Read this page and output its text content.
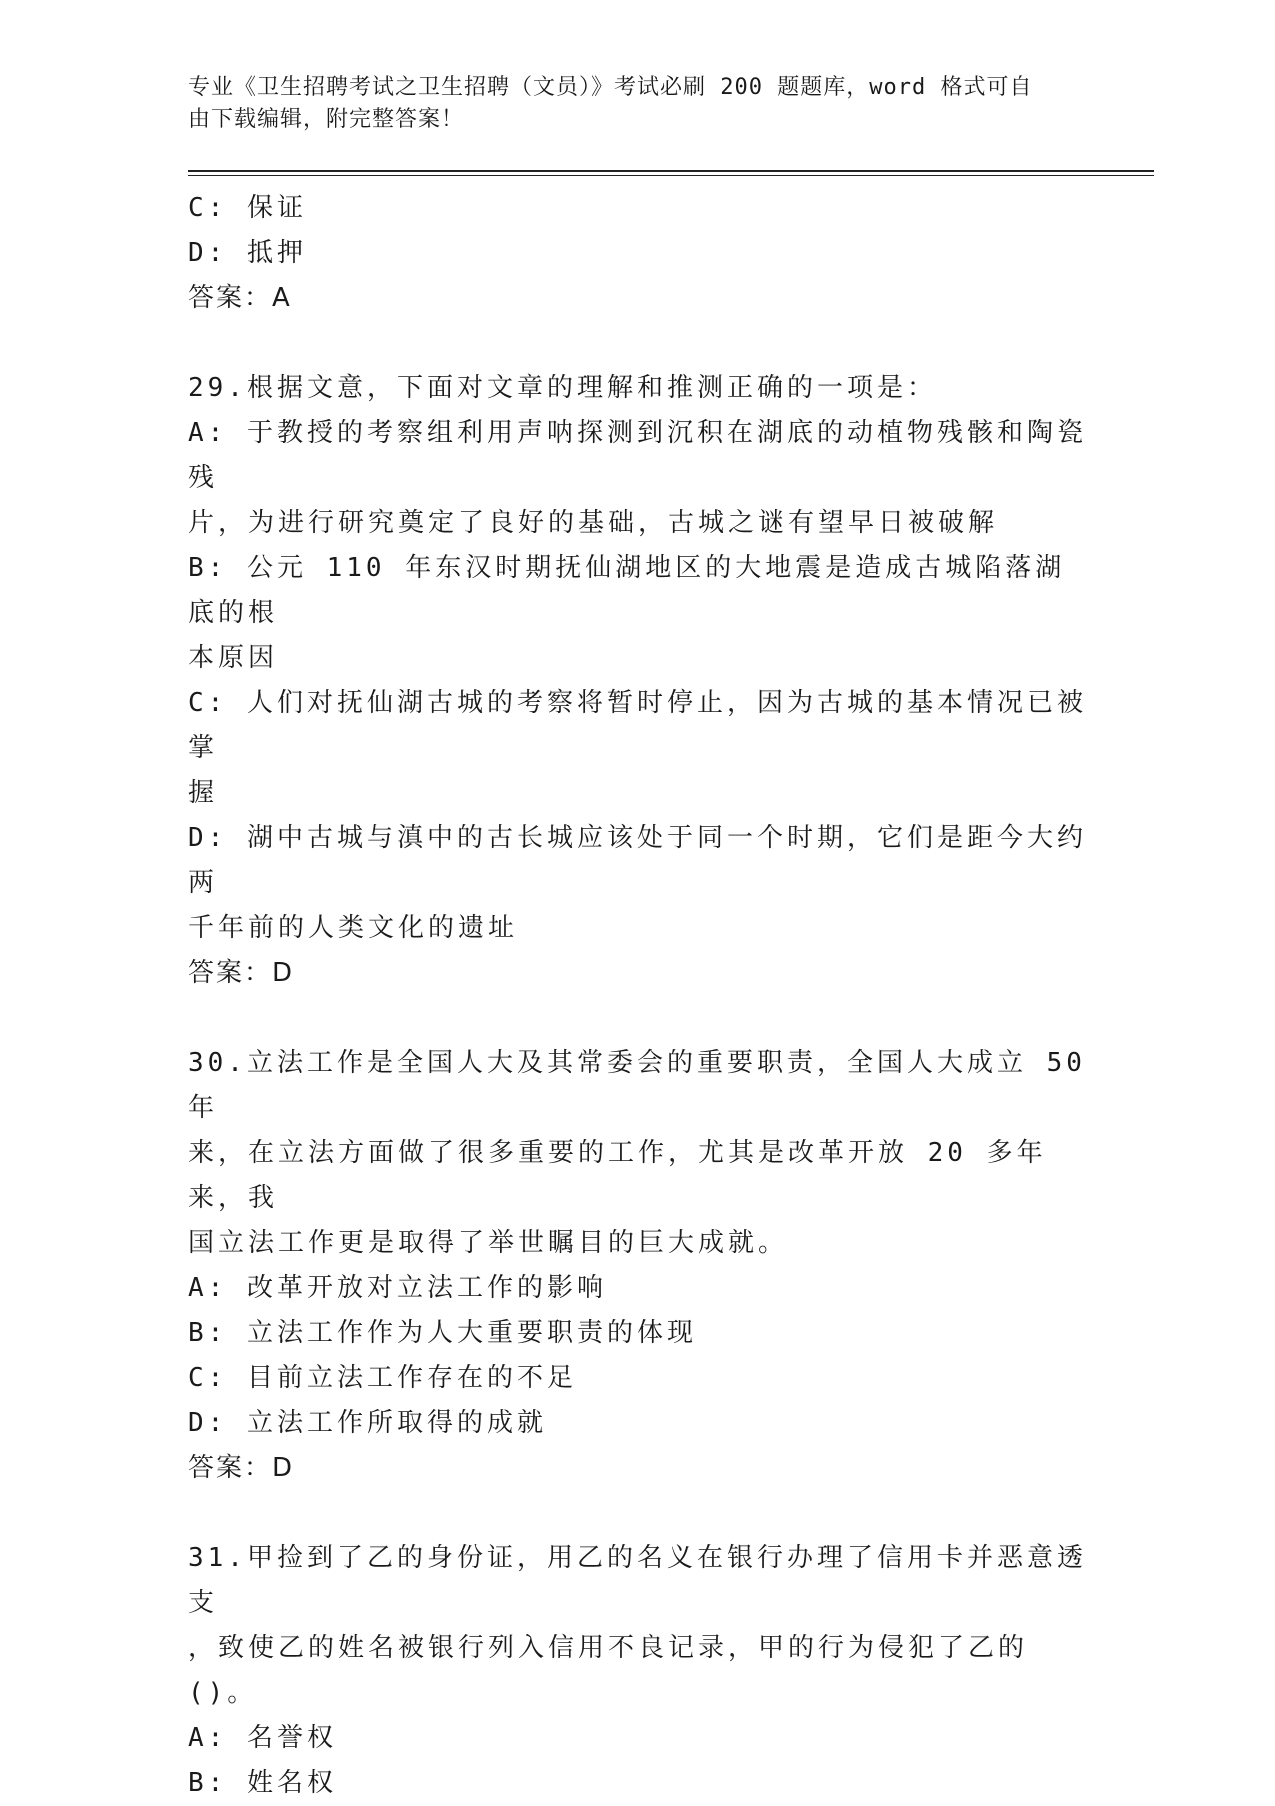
专业《卫生招聘考试之卫生招聘（文员）》考试必刷 200 题题库，word 格式可自
由下载编辑，附完整答案！

C: 保证

D: 抵押

答案：A

29.根据文意，下面对文章的理解和推测正确的一项是：

A: 于教授的考察组利用声呐探测到沉积在湖底的动植物残骸和陶瓷残

片，为进行研究奠定了良好的基础，古城之谜有望早日被破解

B: 公元 110 年东汉时期抚仙湖地区的大地震是造成古城陷落湖底的根

本原因

C: 人们对抚仙湖古城的考察将暂时停止，因为古城的基本情况已被掌

握

D: 湖中古城与滇中的古长城应该处于同一个时期，它们是距今大约两

千年前的人类文化的遗址

答案：D

30.立法工作是全国人大及其常委会的重要职责，全国人大成立 50 年

来，在立法方面做了很多重要的工作，尤其是改革开放 20 多年来，我

国立法工作更是取得了举世瞩目的巨大成就。

A: 改革开放对立法工作的影响

B: 立法工作作为人大重要职责的体现

C: 目前立法工作存在的不足

D: 立法工作所取得的成就

答案：D

31.甲捡到了乙的身份证，用乙的名义在银行办理了信用卡并恶意透支

，致使乙的姓名被银行列入信用不良记录，甲的行为侵犯了乙的()。

A: 名誉权

B: 姓名权
